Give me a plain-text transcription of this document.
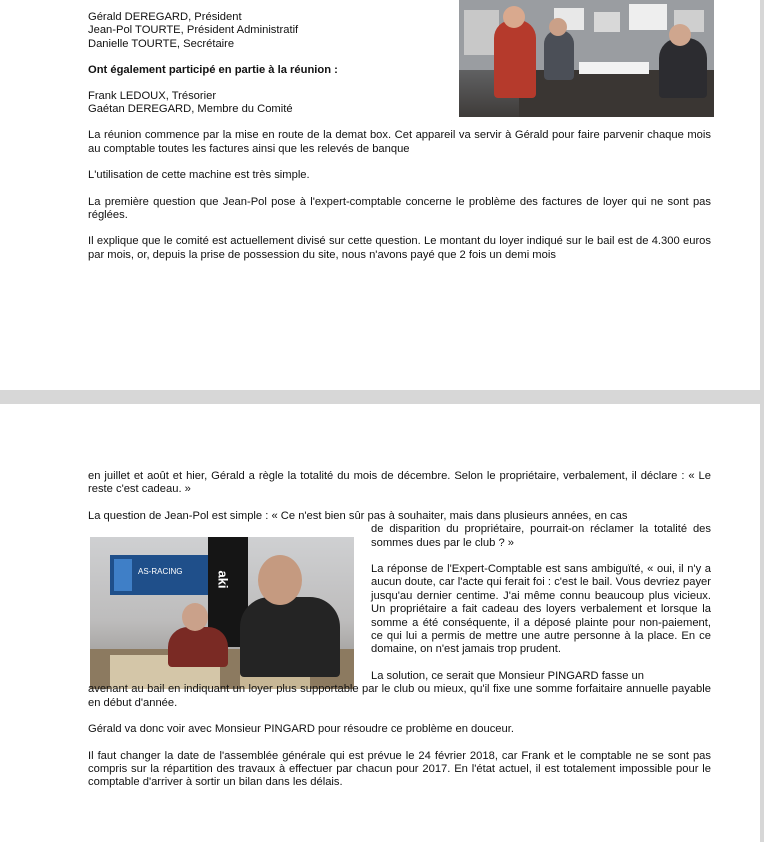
Gérald DEREGARD, Président

Jean-Pol TOURTE, Président Administratif

Danielle TOURTE, Secrétaire

Ont également participé en partie à la réunion :

Frank LEDOUX, Trésorier

Gaétan DEREGARD, Membre du Comité

La réunion commence par la mise en route de la demat box. Cet appareil va servir à Gérald pour faire parvenir chaque mois au comptable toutes les factures ainsi que les relevés de banque

L'utilisation de cette machine est très simple.

La première question que Jean-Pol pose à l'expert-comptable concerne le problème des factures de loyer qui ne sont pas réglées.

Il explique que le comité est actuellement divisé sur cette question. Le montant du loyer indiqué sur le bail est de 4.300 euros par mois, or, depuis la prise de possession du site, nous n'avons payé que 2 fois un demi mois

AS-RACING	aki

en juillet et août et hier, Gérald a règle la totalité du mois de décembre. Selon le propriétaire, verbalement, il déclare : « Le reste c'est cadeau. »

La question de Jean-Pol est simple : « Ce n'est bien sûr pas à souhaiter, mais dans plusieurs années, en cas

de disparition du propriétaire, pourrait-on réclamer la totalité des sommes dues par le club ? »

La réponse de l'Expert-Comptable est sans ambiguïté, « oui, il n'y a aucun doute, car l'acte qui ferait foi : c'est le bail. Vous devriez payer jusqu'au dernier centime. J'ai même connu beaucoup plus vicieux. Un propriétaire a fait cadeau des loyers verbalement et lorsque la somme a été conséquente, il a déposé plainte pour non-paiement, ce qui lui a permis de mettre une autre personne à la place. En ce domaine, on n'est jamais trop prudent.

La solution, ce serait que Monsieur PINGARD fasse un

avenant au bail en indiquant un loyer plus supportable par le club ou mieux, qu'il fixe une somme forfaitaire annuelle payable en début d'année.

Gérald va donc voir avec Monsieur PINGARD pour résoudre ce problème en douceur.

Il faut changer la date de l'assemblée générale qui est prévue le 24 février 2018, car Frank et le comptable ne se sont pas compris sur la répartition des travaux à effectuer par chacun pour 2017. En l'état actuel, il est totalement impossible pour le comptable d'arriver à sortir un bilan dans les délais.
